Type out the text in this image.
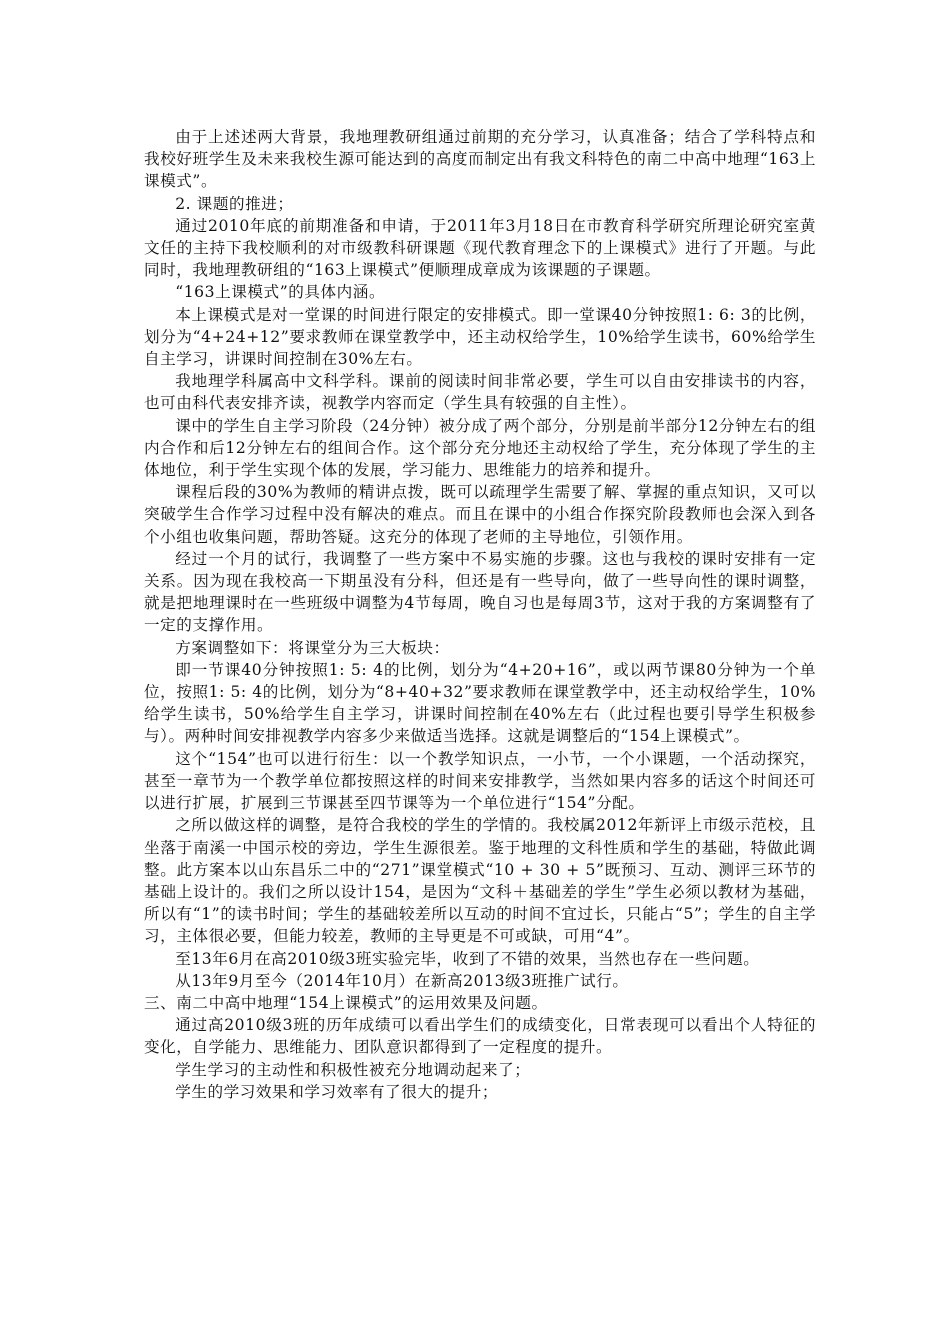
由于上述述两大背景，我地理教研组通过前期的充分学习，认真准备；结合了学科特点和我校好班学生及未来我校生源可能达到的高度而制定出有我文科特色的南二中高中地理“163上课模式”。

2. 课题的推进；

通过2010年底的前期准备和申请，于2011年3月18日在市教育科学研究所理论研究室黄文任的主持下我校顺利的对市级教科研课题《现代教育理念下的上课模式》进行了开题。与此同时，我地理教研组的“163上课模式”便顺理成章成为该课题的子课题。

“163上课模式”的具体内涵。

本上课模式是对一堂课的时间进行限定的安排模式。即一堂课40分钟按照1: 6: 3的比例，划分为“4+24+12”要求教师在课堂教学中，还主动权给学生，10%给学生读书，60%给学生自主学习，讲课时间控制在30%左右。

我地理学科属高中文科学科。课前的阅读时间非常必要，学生可以自由安排读书的内容，也可由科代表安排齐读，视教学内容而定（学生具有较强的自主性）。

课中的学生自主学习阶段（24分钟）被分成了两个部分，分别是前半部分12分钟左右的组内合作和后12分钟左右的组间合作。这个部分充分地还主动权给了学生，充分体现了学生的主体地位，利于学生实现个体的发展，学习能力、思维能力的培养和提升。

课程后段的30%为教师的精讲点拨，既可以疏理学生需要了解、掌握的重点知识，又可以突破学生合作学习过程中没有解决的难点。而且在课中的小组合作探究阶段教师也会深入到各个小组也收集问题，帮助答疑。这充分的体现了老师的主导地位，引领作用。

经过一个月的试行，我调整了一些方案中不易实施的步骤。这也与我校的课时安排有一定关系。因为现在我校高一下期虽没有分科，但还是有一些导向，做了一些导向性的课时调整，就是把地理课时在一些班级中调整为4节每周，晚自习也是每周3节，这对于我的方案调整有了一定的支撑作用。

方案调整如下：将课堂分为三大板块：

即一节课40分钟按照1: 5: 4的比例，划分为“4+20+16”，或以两节课80分钟为一个单位，按照1: 5: 4的比例，划分为“8+40+32”要求教师在课堂教学中，还主动权给学生，10%给学生读书，50%给学生自主学习，讲课时间控制在40%左右（此过程也要引导学生积极参与）。两种时间安排视教学内容多少来做适当选择。这就是调整后的“154上课模式”。

这个“154”也可以进行衍生：以一个教学知识点，一小节，一个小课题，一个活动探究，甚至一章节为一个教学单位都按照这样的时间来安排教学，当然如果内容多的话这个时间还可以进行扩展，扩展到三节课甚至四节课等为一个单位进行“154”分配。

之所以做这样的调整，是符合我校的学生的学情的。我校属2012年新评上市级示范校，且坐落于南溪一中国示校的旁边，学生生源很差。鉴于地理的文科性质和学生的基础，特做此调整。此方案本以山东昌乐二中的“271”课堂模式“10 + 30 + 5”既预习、互动、测评三环节的基础上设计的。我们之所以设计154，是因为“文科＋基础差的学生”学生必须以教材为基础，所以有“1”的读书时间；学生的基础较差所以互动的时间不宜过长，只能占“5”；学生的自主学习，主体很必要，但能力较差，教师的主导更是不可或缺，可用“4”。

至13年6月在高2010级3班实验完毕，收到了不错的效果，当然也存在一些问题。

从13年9月至今（2014年10月）在新高2013级3班推广试行。

三、南二中高中地理“154上课模式”的运用效果及问题。

通过高2010级3班的历年成绩可以看出学生们的成绩变化，日常表现可以看出个人特征的变化，自学能力、思维能力、团队意识都得到了一定程度的提升。

学生学习的主动性和积极性被充分地调动起来了；

学生的学习效果和学习效率有了很大的提升；
